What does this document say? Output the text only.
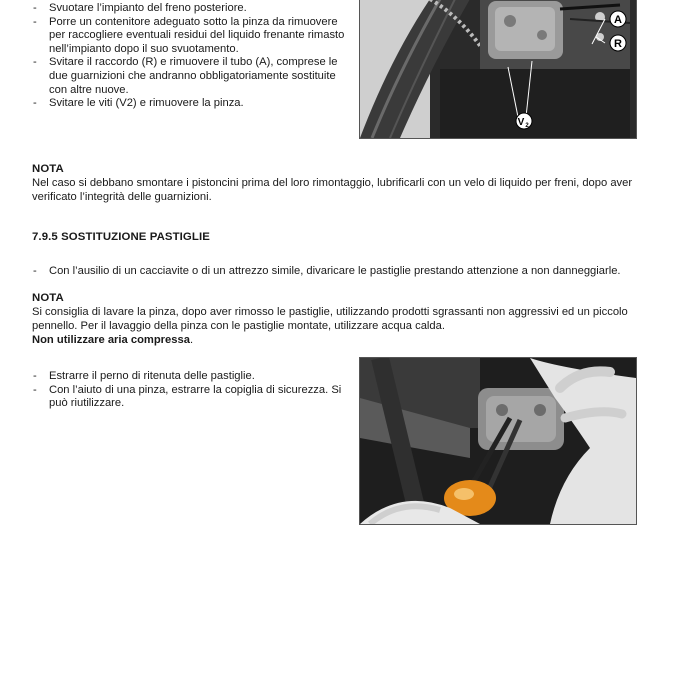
- Svuotare l’impianto del freno posteriore.
- Porre un contenitore adeguato sotto la pinza da rimuovere per raccogliere eventuali residui del liquido frenante rimasto nell’impianto dopo il suo svuotamento.
- Svitare il raccordo (R) e rimuovere il tubo (A), comprese le due guarnizioni che andranno obbligatoriamente sostituite con altre nuove.
- Svitare le viti (V2) e rimuovere la pinza.
A
R
V 2

NOTA

Nel caso si debbano smontare i pistoncini prima del loro rimontaggio, lubrificarli con un velo di liquido per freni, dopo aver verificato l’integrità delle guarnizioni.

7.9.5 SOSTITUZIONE PASTIGLIE

- Con l’ausilio di un cacciavite o di un attrezzo simile, divaricare le pastiglie prestando attenzione a non danneggiarle.

NOTA

Si consiglia di lavare la pinza, dopo aver rimosso le pastiglie, utilizzando prodotti sgrassanti non aggressivi ed un piccolo pennello. Per il lavaggio della pinza con le pastiglie montate, utilizzare acqua calda.
Non utilizzare aria compressa.

- Estrarre il perno di ritenuta delle pastiglie.
- Con l’aiuto di una pinza, estrarre la copiglia di sicurezza. Si può riutilizzare.
